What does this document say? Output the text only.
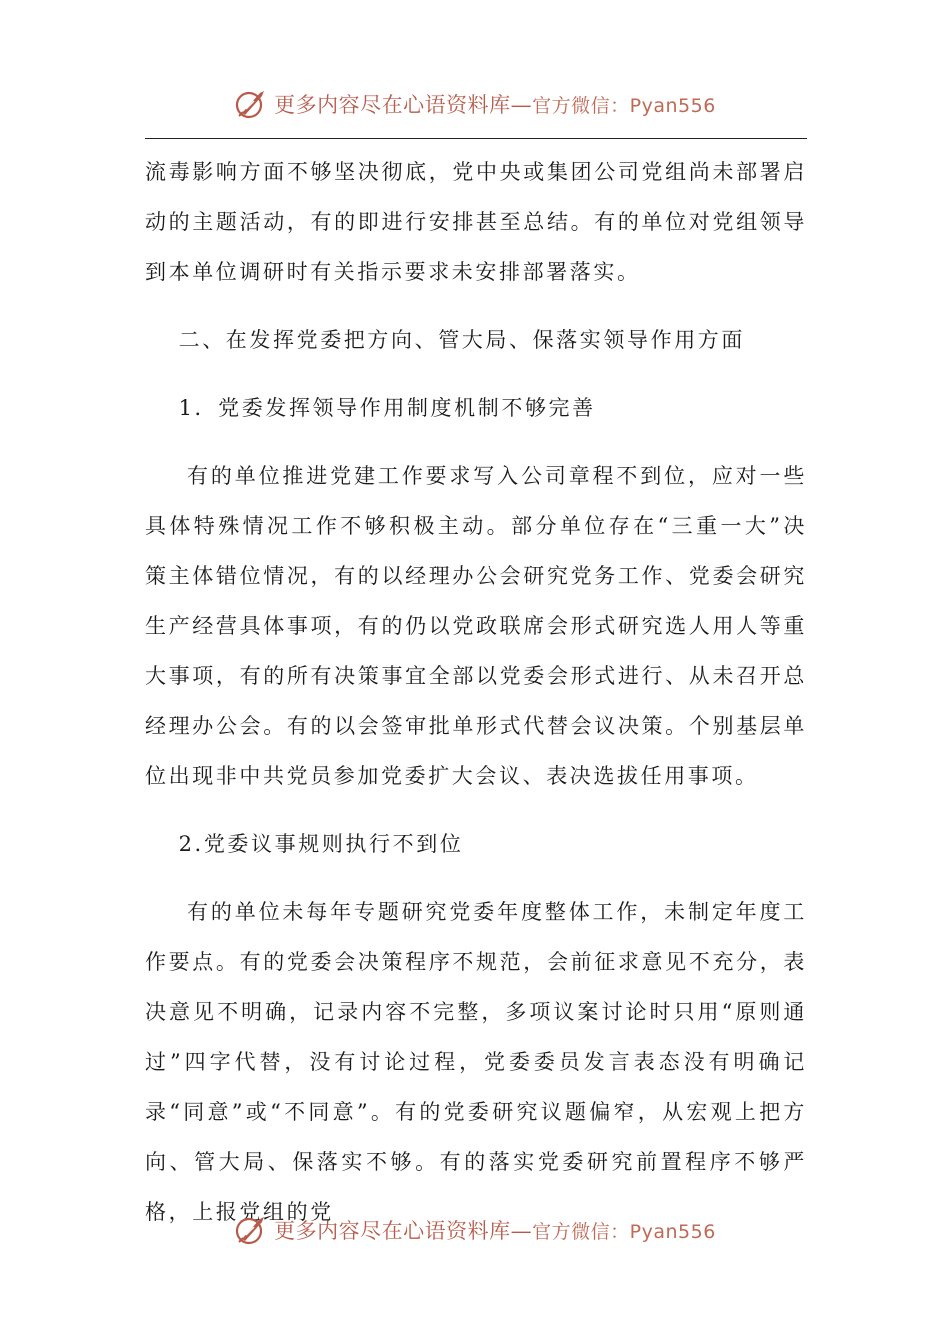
更多内容尽在心语资料库—官方微信：Pyan556

流毒影响方面不够坚决彻底，党中央或集团公司党组尚未部署启动的主题活动，有的即进行安排甚至总结。有的单位对党组领导到本单位调研时有关指示要求未安排部署落实。

二、在发挥党委把方向、管大局、保落实领导作用方面

1．党委发挥领导作用制度机制不够完善

有的单位推进党建工作要求写入公司章程不到位，应对一些具体特殊情况工作不够积极主动。部分单位存在“三重一大”决策主体错位情况，有的以经理办公会研究党务工作、党委会研究生产经营具体事项，有的仍以党政联席会形式研究选人用人等重大事项，有的所有决策事宜全部以党委会形式进行、从未召开总经理办公会。有的以会签审批单形式代替会议决策。个别基层单位出现非中共党员参加党委扩大会议、表决选拔任用事项。

2.党委议事规则执行不到位

有的单位未每年专题研究党委年度整体工作，未制定年度工作要点。有的党委会决策程序不规范，会前征求意见不充分，表决意见不明确，记录内容不完整，多项议案讨论时只用“原则通过”四字代替，没有讨论过程，党委委员发言表态没有明确记录“同意”或“不同意”。有的党委研究议题偏窄，从宏观上把方向、管大局、保落实不够。有的落实党委研究前置程序不够严格，上报党组的党

更多内容尽在心语资料库—官方微信：Pyan556
